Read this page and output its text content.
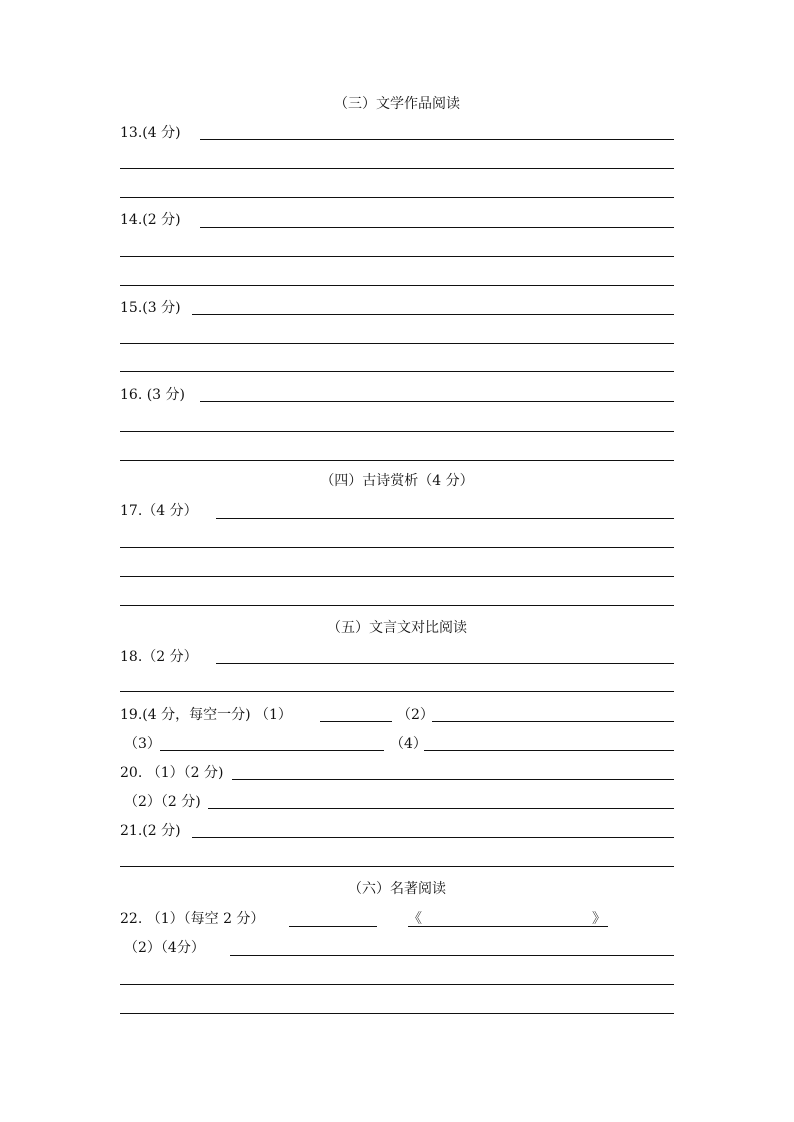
（三）文学作品阅读
13.(4 分)
14.(2 分)
15.(3 分)
16. (3 分)
（四）古诗赏析（4 分）
17.（4 分）
（五）文言文对比阅读
18.（2 分）
19.(4 分，每空一分) （1）	（2）
（3）	（4）
20. （1）（2 分)
（2）（2 分)
21.(2 分)
（六）名著阅读
22. （1）（每空 2 分）	《	》
（2）（4分）
